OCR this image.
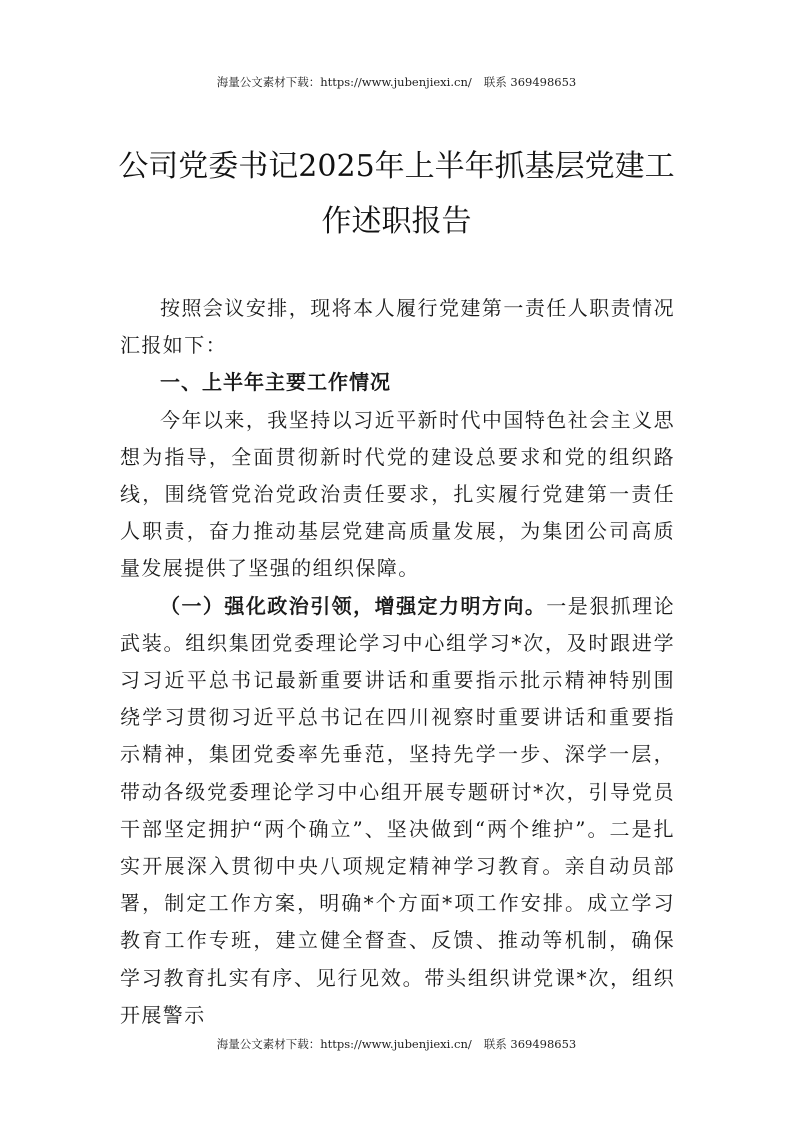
海量公文素材下载：https://www.jubenjiexi.cn/ 联系 369498653
公司党委书记2025年上半年抓基层党建工
作述职报告

按照会议安排，现将本人履行党建第一责任人职责情况汇报如下：

一、上半年主要工作情况

今年以来，我坚持以习近平新时代中国特色社会主义思想为指导，全面贯彻新时代党的建设总要求和党的组织路线，围绕管党治党政治责任要求，扎实履行党建第一责任人职责，奋力推动基层党建高质量发展，为集团公司高质量发展提供了坚强的组织保障。

（一）强化政治引领，增强定力明方向。一是狠抓理论武装。组织集团党委理论学习中心组学习*次，及时跟进学习习近平总书记最新重要讲话和重要指示批示精神特别围绕学习贯彻习近平总书记在四川视察时重要讲话和重要指示精神，集团党委率先垂范，坚持先学一步、深学一层，带动各级党委理论学习中心组开展专题研讨*次，引导党员干部坚定拥护“两个确立”、坚决做到“两个维护”。二是扎实开展深入贯彻中央八项规定精神学习教育。亲自动员部署，制定工作方案，明确*个方面*项工作安排。成立学习教育工作专班，建立健全督查、反馈、推动等机制，确保学习教育扎实有序、见行见效。带头组织讲党课*次，组织开展警示

海量公文素材下载：https://www.jubenjiexi.cn/ 联系 369498653
